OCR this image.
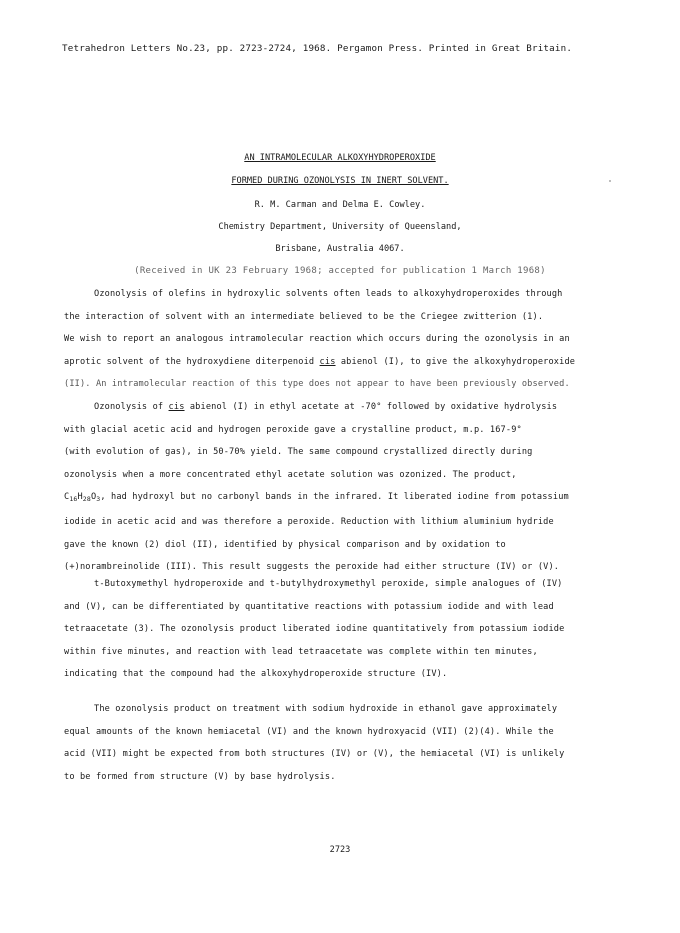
Tetrahedron Letters No.23, pp. 2723-2724, 1968. Pergamon Press. Printed in Great Britain.
AN INTRAMOLECULAR ALKOXYHYDROPEROXIDE
FORMED DURING OZONOLYSIS IN INERT SOLVENT.
R. M. Carman and Delma E. Cowley.
Chemistry Department, University of Queensland,
Brisbane, Australia 4067.
(Received in UK 23 February 1968; accepted for publication 1 March 1968)
Ozonolysis of olefins in hydroxylic solvents often leads to alkoxyhydroperoxides through
the interaction of solvent with an intermediate believed to be the Criegee zwitterion (1).
We wish to report an analogous intramolecular reaction which occurs during the ozonolysis in an
aprotic solvent of the hydroxydiene diterpenoid cis abienol (I), to give the alkoxyhydroperoxide
(II). An intramolecular reaction of this type does not appear to have been previously observed.
Ozonolysis of cis abienol (I) in ethyl acetate at -70° followed by oxidative hydrolysis
with glacial acetic acid and hydrogen peroxide gave a crystalline product, m.p. 167-9°
(with evolution of gas), in 50-70% yield. The same compound crystallized directly during
ozonolysis when a more concentrated ethyl acetate solution was ozonized. The product,
$C_{16}H_{28}O_3$, had hydroxyl but no carbonyl bands in the infrared. It liberated iodine from potassium
iodide in acetic acid and was therefore a peroxide. Reduction with lithium aluminium hydride
gave the known (2) diol (II), identified by physical comparison and by oxidation to
(+)norambreinolide (III). This result suggests the peroxide had either structure (IV) or (V).
t-Butoxymethyl hydroperoxide and t-butylhydroxymethyl peroxide, simple analogues of (IV)
and (V), can be differentiated by quantitative reactions with potassium iodide and with lead
tetraacetate (3). The ozonolysis product liberated iodine quantitatively from potassium iodide
within five minutes, and reaction with lead tetraacetate was complete within ten minutes,
indicating that the compound had the alkoxyhydroperoxide structure (IV).
The ozonolysis product on treatment with sodium hydroxide in ethanol gave approximately
equal amounts of the known hemiacetal (VI) and the known hydroxyacid (VII) (2)(4). While the
acid (VII) might be expected from both structures (IV) or (V), the hemiacetal (VI) is unlikely
to be formed from structure (V) by base hydrolysis.
2723
